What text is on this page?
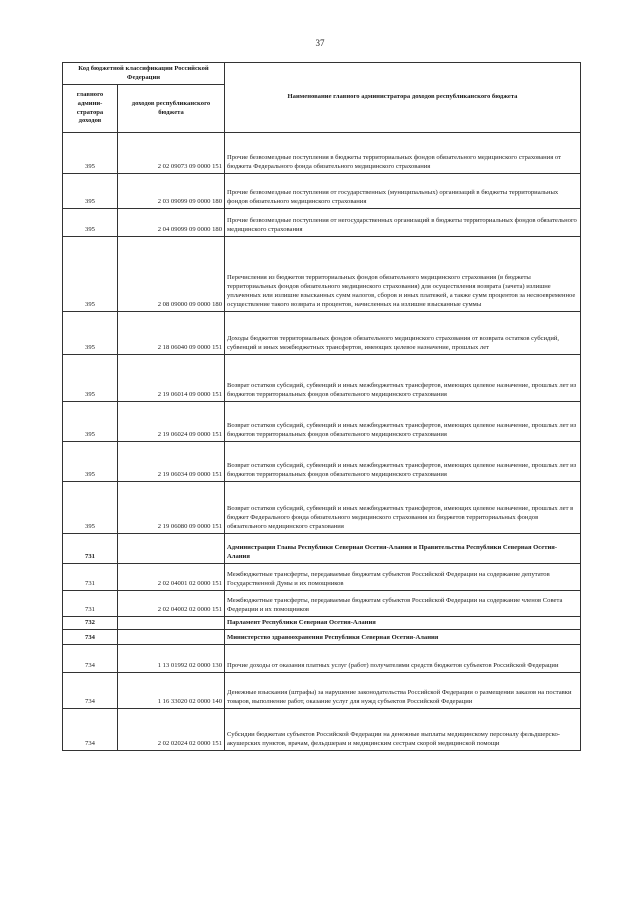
37
Код бюджетной классификации Российской Федерации		Наименование главного администратора доходов республиканского бюджета
главного админи-стратора доходов	доходов республиканского бюджета	
395	2 02 09073 09 0000 151	Прочие безвозмездные поступления в бюджеты территориальных фондов обязательного медицинского страхования от бюджета Федерального фонда обязательного медицинского страхования
395	2 03 09099 09 0000 180	Прочие безвозмездные поступления от государственных (муниципальных) организаций в бюджеты территориальных фондов обязательного медицинского страхования
395	2 04 09099 09 0000 180	Прочие безвозмездные поступления от негосударственных организаций в бюджеты территориальных фондов обязательного медицинского страхования
395	2 08 09000 09 0000 180	Перечисления из бюджетов территориальных фондов обязательного медицинского страхования (в бюджеты территориальных фондов обязательного медицинского страхования) для осуществления возврата (зачета) излишне уплаченных или излишне взысканных сумм налогов, сборов и иных платежей, а также сумм процентов за несвоевременное осуществление такого возврата и процентов, начисленных на излишне взысканные суммы
395	2 18 06040 09 0000 151	Доходы бюджетов территориальных фондов обязательного медицинского страхования от возврата остатков субсидий, субвенций и иных межбюджетных трансфертов, имеющих целевое назначение, прошлых лет
395	2 19 06014 09 0000 151	Возврат остатков субсидий, субвенций и иных межбюджетных трансфертов, имеющих целевое назначение, прошлых лет из бюджетов территориальных фондов обязательного медицинского страхования
395	2 19 06024 09 0000 151	Возврат остатков субсидий, субвенций и иных межбюджетных трансфертов, имеющих целевое назначение, прошлых лет из бюджетов территориальных фондов обязательного медицинского страхования
395	2 19 06034 09 0000 151	Возврат остатков субсидий, субвенций и иных межбюджетных трансфертов, имеющих целевое назначение, прошлых лет из бюджетов территориальных фондов обязательного медицинского страхования
395	2 19 06080 09 0000 151	Возврат остатков субсидий, субвенций и иных межбюджетных трансфертов, имеющих целевое назначение, прошлых лет в бюджет Федерального фонда обязательного медицинского страхования из бюджетов территориальных фондов обязательного медицинского страхования
731		Администрация Главы Республики Северная Осетия-Алания и Правительства Республики Северная Осетия-Алания
731	2 02 04001 02 0000 151	Межбюджетные трансферты, передаваемые бюджетам субъектов Российской Федерации на содержание депутатов Государственной Думы и их помощников
731	2 02 04002 02 0000 151	Межбюджетные трансферты, передаваемые бюджетам субъектов Российской Федерации на содержание членов Совета Федерации и их помощников
732		Парламент Республики Северная Осетия-Алания
734		Министерство здравоохранения Республики Северная Осетия-Алания
734	1 13 01992 02 0000 130	Прочие доходы от оказания платных услуг (работ) получателями средств бюджетов субъектов Российской Федерации
734	1 16 33020 02 0000 140	Денежные взыскания (штрафы) за нарушение законодательства Российской Федерации о размещении заказов на поставки товаров, выполнение работ, оказание услуг для нужд субъектов Российской Федерации
734	2 02 02024 02 0000 151	Субсидии бюджетам субъектов Российской Федерации на денежные выплаты медицинскому персоналу фельдшерско-акушерских пунктов, врачам, фельдшерам и медицинским сестрам скорой медицинской помощи
